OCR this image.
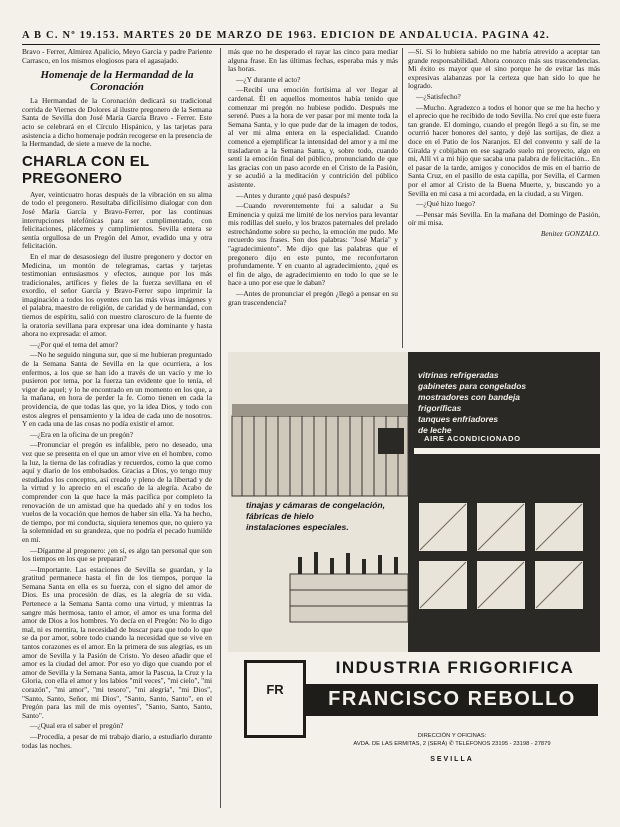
A B C. Nº 19.153. MARTES 20 DE MARZO DE 1963. EDICION DE ANDALUCIA. PAGINA 42.

Bravo - Ferrer, Almirez Apalicio, Meyo García y padre Pariente Carrasco, en los mismos elogiosos para el agasajado.

Homenaje de la Hermandad de la Coronación

La Hermandad de la Coronación dedicará su tradicional corrida de Viernes de Dolores al ilustre pregonero de la Semana Santa de Sevilla don José María García Bravo - Ferrer. Este acto se celebrará en el Círculo Hispánico, y las tarjetas para asistencia a dicho homenaje podrán recogerse en la presencia de la Hermandad, de siete a nueve de la noche.

CHARLA CON EL PREGONERO

Ayer, veinticuatro horas después de la vibración en su alma de todo el pregonero. Resultaba difícilísimo dialogar con don José María García y Bravo-Ferrer, por las continuas interrupciones telefónicas para ser cumplimentado, con felicitaciones, plácemes y cumplimientos. Sevilla entera se sentía orgullosa de un Pregón del Amor, evadido una y otra felicitación.

En el mar de desasosiego del ilustre pregonero y doctor en Medicina, un montón de telegramas, cartas y tarjetas testimonian entusiasmos y efectos, aunque por los más tradicionales, artífices y fieles de la fuerza sevillana en el exordio, el señor García y Bravo-Ferrer supo imprimir la imaginación a todos los oyentes con las más vivas imágenes y el palabra, maestro de religión, de caridad y de hermandad, con tiernos de espíritu, salió con nuestro claroscuro de la fuente de la oratoria sevillana para expresar una idea dominante y hasta ahora no expresada: el amor.

—¿Por qué el tema del amor?

—No he seguido ninguna sur, que si me hubieran preguntado de la Semana Santa de Sevilla en la que ocurriera, a los enfermos, a los que se han ido a través de un vacío y me lo pusieron por tema, por la fuerza tan evidente que lo tenía, el vigor de aquel; y lo he encontrado en un momento en los que, a la mañana, en hora de perder la fe. Como tienen en cada la providencia, de que todas las que, yo la idea Dios, y todo con estos alegres el pensamiento y la idea de cada uno de nosotros. Y en cada una de las cosas no podía existir el amor.

—¿Era en la oficina de un pregón?

—Pronunciar el pregón es infalible, pero no deseado, una vez que se presenta en el que un amor vive en el hombre, como la luz, la tierna de las cofradías y recuerdos, como la que como aquí y diario de los embolsados. Gracias a Dios, yo tengo muy estudiados los conceptos, así creado y pleno de la libertad y de la virtud y lo aprecio en el escaño de la alegría. Acabo de comprender con la que hace la más pacífica por completo la renovación de un amistad que ha quedado ahí y en todos los vuelos de la vocación que hemos de haber sin ella. Ya ha hecho, de tiempo, por mi conducta, siquiera tenemos que, no quiero ya la solemnidad en su grandeza, que no podría el pecado humilde en mí.

—Díganme al pregonero: ¿en sí, es algo tan personal que son los tiempos en los que se preparan?

—Importante. Las estaciones de Sevilla se guardan, y la gratitud permanece hasta el fin de los tiempos, porque la Semana Santa en ella es su fuerza, con el signo del amor de Dios. Es una procesión de días, es la alegría de su vida. Pertenece a la Semana Santa como una virtud, y mientras la sangre más hermosa, tanto el amor, el amor es una forma del amor de Dios a los hombres. Yo decía en el Pregón: No lo digo mal, ni es mentira, la necesidad de buscar para que todo lo que se da por amor, sobre todo cuando la necesidad que se vive en tantos corazones es el amor. En la primera de sus alegrías, es un amor de Sevilla y la Pasión de Cristo. Yo deseo añadir que el amor es la ciudad del amor. Por eso yo digo que cuando por el amor de Sevilla y la Semana Santa, amor la Pascua, la Cruz y la Gloria, con ella el amor y los labios "mil veces", "mi cielo", "mi corazón", "mi amor", "mi tesoro", "mi alegría", "mi Dios", "Santo, Santo, Señor, mi Dios", "Santo, Santo, Santo", en el Pregón para las mil de mis oyentes", "Santo, Santo, Santo, Santo".

—¿Qual era el saber el pregón?

—Procedía, a pesar de mi trabajo diario, a estudiarlo durante todas las noches.

más que no he desperado el rayar las cinco para mediar alguna frase. En las últimas fechas, esperaba más y más las horas.

—¿Y durante el acto?

—Recibí una emoción fortísima al ver llegar al cardenal. Él en aquellos momentos había tenido que comenzar mi pregón no hubiese podido. Después me serené. Pues a la hora de ver pasar por mi mente toda la Semana Santa, y lo que pude dar de la imagen de todos, al ver mi alma entera en la especialidad. Cuando comencé a ejemplificar la intensidad del amor y a mí me trasladaron a la Semana Santa, y, sobre todo, cuando sentí la emoción final del público, pronunciando de que las gracias con un paso acorde en el Cristo de la Pasión, y se acudió a la meditación y contrición del público asistente.

—Antes y durante ¿qué pasó después?

—Cuando reverentemente fui a saludar a Su Eminencia y quizá me limité de los nervios para levantar mis rodillas del suelo, y los brazos paternales del prelado estrechándome sobre su pecho, la emoción me pudo. Me recuerdo sus frases. Son dos palabras: "José María" y "agradecimiento". Me dijo que las palabras que el pregonero dijo en este punto, me reconfortaron profundamente. Y en cuanto al agradecimiento, ¿qué es el fin de algo, de agradecimiento en todo lo que se le hace a uno por ese que le daban?

—Antes de pronunciar el pregón ¿llegó a pensar en su gran trascendencia?

—Sí. Si lo hubiera sabido no me habría atrevido a aceptar tan grande responsabilidad. Ahora conozco más sus trascendencias. Mi éxito es mayor que el sino porque he de evitar las más expresivas alabanzas por la certeza que han sido lo que he logrado.

—¿Satisfecho?

—Mucho. Agradezco a todos el honor que se me ha hecho y el aprecio que he recibido de todo Sevilla. No creí que este fuera tan grande. El domingo, cuando el pregón llegó a su fin, se me ocurrió hacer honores del santo, y dejé las sortijas, de diez a doce en el Patio de los Naranjos. El del convento y salí de la Giralda y cobijaban en ese sagrado suelo mi proyecto, algo en mi, Allí vi a mi hijo que sacaba una palabra de felicitación... En el pasar de la tarde, amigos y conocidos de mis en el barrio de Santa Cruz, en el pasillo de esta capilla, por Sevilla, el Carmen por el amor al Cristo de la Buena Muerte, y, buscando yo a Sevilla en mi casa a mi acordada, en la ciudad, a su Virgen.

—¿Qué hizo luego?

—Pensar más Sevilla. En la mañana del Domingo de Pasión, oír mi misa.

Benitez GONZALO.

tinajas y cámaras de congelación,
fábricas de hielo
instalaciones especiales.
vitrinas refrigeradas
gabinetes para congelados
mostradores con bandeja
frigoríficas
tanques enfriadores
de leche
AIRE ACONDICIONADO
FR
INDUSTRIA FRIGORIFICA
FRANCISCO REBOLLO
DIRECCIÓN Y OFICINAS:
AVDA. DE LAS ERMITAS, 2 (SERÁ) ✆ TELÉFONOS 23195 - 23198 - 27879
SEVILLA
